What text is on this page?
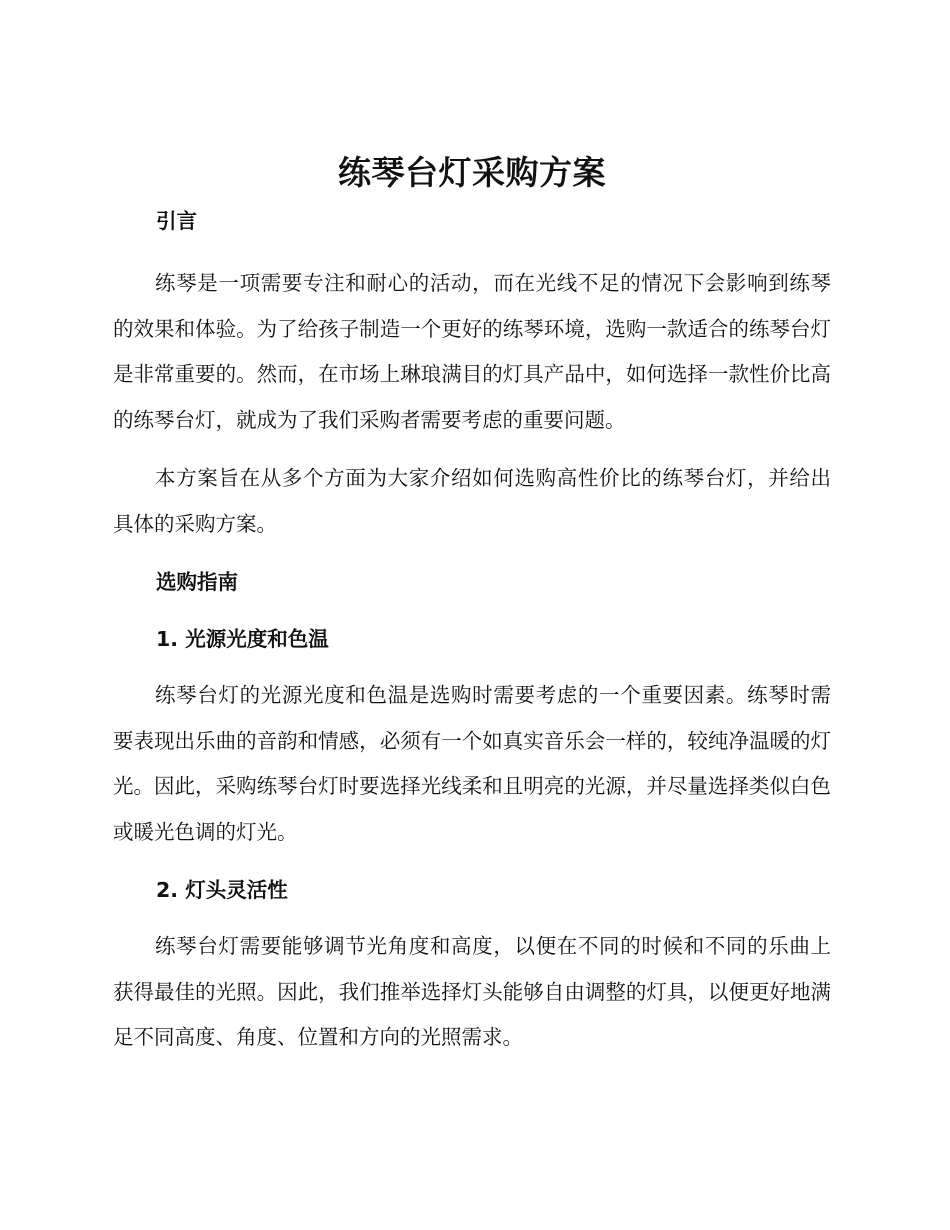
练琴台灯采购方案
引言

练琴是一项需要专注和耐心的活动，而在光线不足的情况下会影响到练琴的效果和体验。为了给孩子制造一个更好的练琴环境，选购一款适合的练琴台灯是非常重要的。然而，在市场上琳琅满目的灯具产品中，如何选择一款性价比高的练琴台灯，就成为了我们采购者需要考虑的重要问题。

本方案旨在从多个方面为大家介绍如何选购高性价比的练琴台灯，并给出具体的采购方案。

选购指南
1. 光源光度和色温

练琴台灯的光源光度和色温是选购时需要考虑的一个重要因素。练琴时需要表现出乐曲的音韵和情感，必须有一个如真实音乐会一样的，较纯净温暖的灯光。因此，采购练琴台灯时要选择光线柔和且明亮的光源，并尽量选择类似白色或暖光色调的灯光。

2. 灯头灵活性

练琴台灯需要能够调节光角度和高度，以便在不同的时候和不同的乐曲上获得最佳的光照。因此，我们推举选择灯头能够自由调整的灯具，以便更好地满足不同高度、角度、位置和方向的光照需求。
